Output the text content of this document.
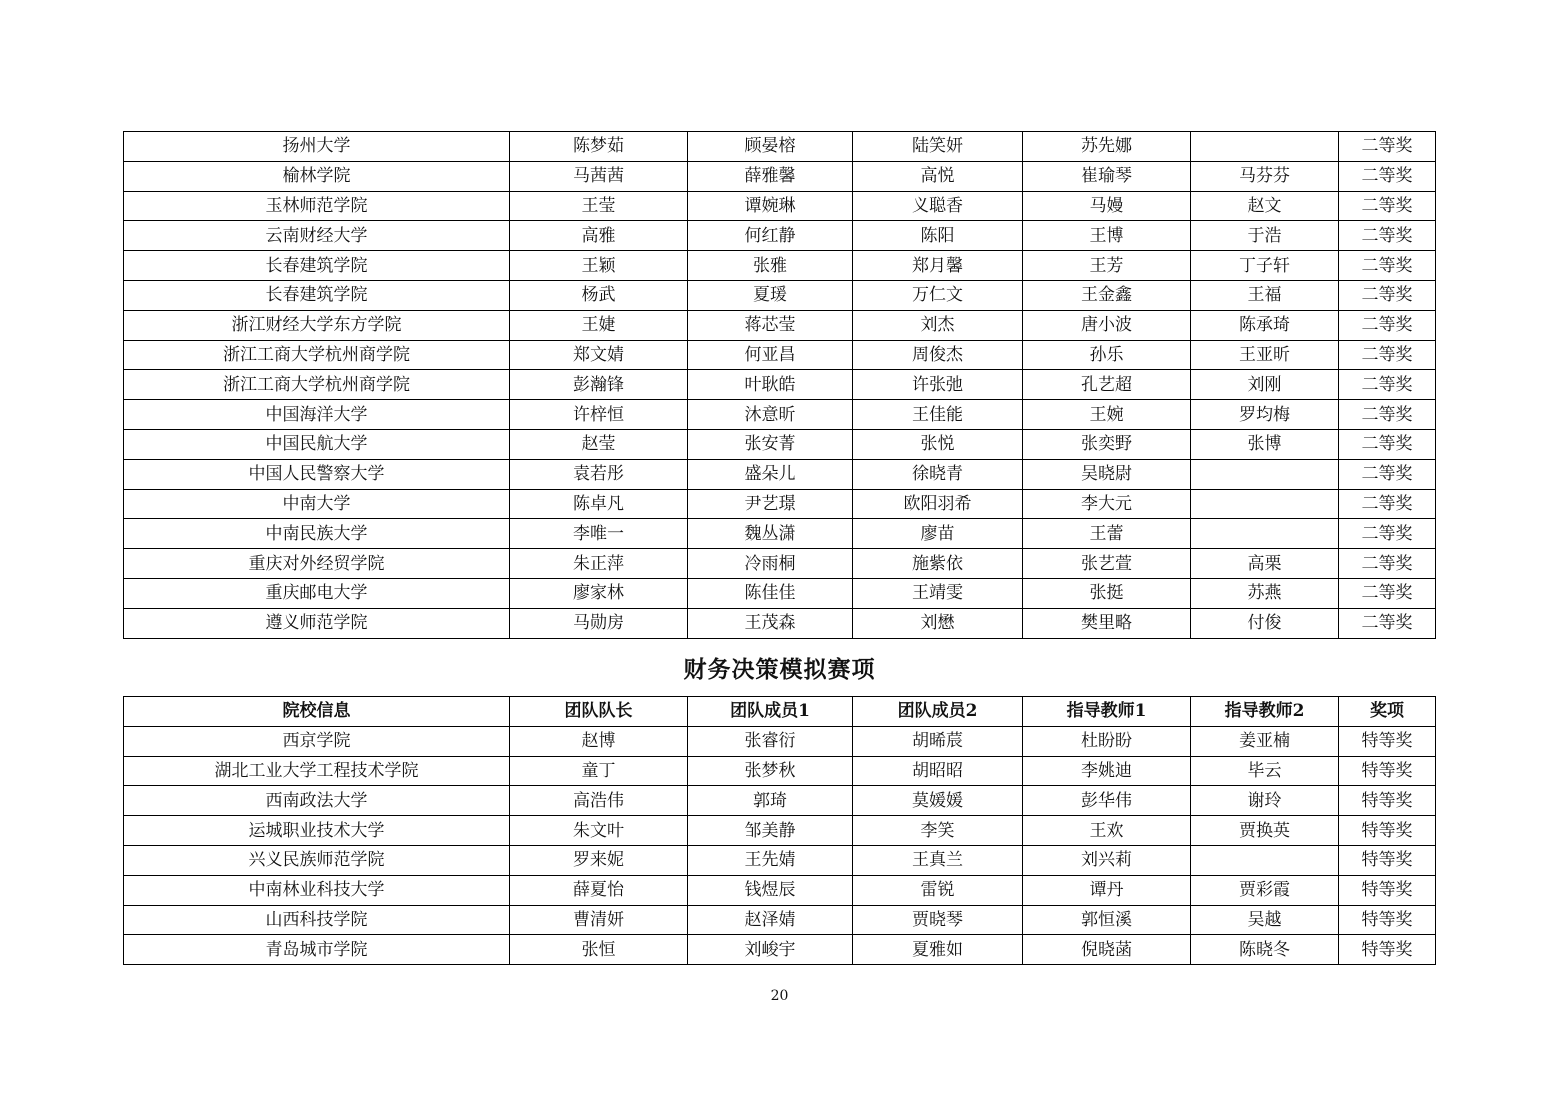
扬州大学	陈梦茹	顾晏榕	陆笑妍	苏先娜		二等奖
榆林学院	马茜茜	薛雅馨	高悦	崔瑜琴	马芬芬	二等奖
玉林师范学院	王莹	谭婉琳	义聪香	马嫚	赵文	二等奖
云南财经大学	高雅	何红静	陈阳	王博	于浩	二等奖
长春建筑学院	王颖	张雅	郑月馨	王芳	丁子轩	二等奖
长春建筑学院	杨武	夏瑗	万仁文	王金鑫	王福	二等奖
浙江财经大学东方学院	王婕	蒋芯莹	刘杰	唐小波	陈承琦	二等奖
浙江工商大学杭州商学院	郑文婧	何亚昌	周俊杰	孙乐	王亚昕	二等奖
浙江工商大学杭州商学院	彭瀚锋	叶耿皓	许张弛	孔艺超	刘刚	二等奖
中国海洋大学	许梓恒	沐意昕	王佳能	王婉	罗均梅	二等奖
中国民航大学	赵莹	张安菁	张悦	张奕野	张博	二等奖
中国人民警察大学	袁若彤	盛朵儿	徐晓青	吴晓尉		二等奖
中南大学	陈卓凡	尹艺璟	欧阳羽希	李大元		二等奖
中南民族大学	李唯一	魏丛潇	廖苗	王蕾		二等奖
重庆对外经贸学院	朱正萍	冷雨桐	施紫依	张艺萱	高栗	二等奖
重庆邮电大学	廖家林	陈佳佳	王靖雯	张挺	苏燕	二等奖
遵义师范学院	马勋房	王茂森	刘懋	樊里略	付俊	二等奖
财务决策模拟赛项
院校信息	团队队长	团队成员1	团队成员2	指导教师1	指导教师2	奖项
西京学院	赵博	张睿衍	胡晞莀	杜盼盼	姜亚楠	特等奖
湖北工业大学工程技术学院	童丁	张梦秋	胡昭昭	李姚迪	毕云	特等奖
西南政法大学	高浩伟	郭琦	莫媛媛	彭华伟	谢玲	特等奖
运城职业技术大学	朱文叶	邹美静	李笑	王欢	贾换英	特等奖
兴义民族师范学院	罗来妮	王先婧	王真兰	刘兴莉		特等奖
中南林业科技大学	薛夏怡	钱煜辰	雷锐	谭丹	贾彩霞	特等奖
山西科技学院	曹清妍	赵泽婧	贾晓琴	郭恒溪	吴越	特等奖
青岛城市学院	张恒	刘峻宇	夏雅如	倪晓菡	陈晓冬	特等奖
20
